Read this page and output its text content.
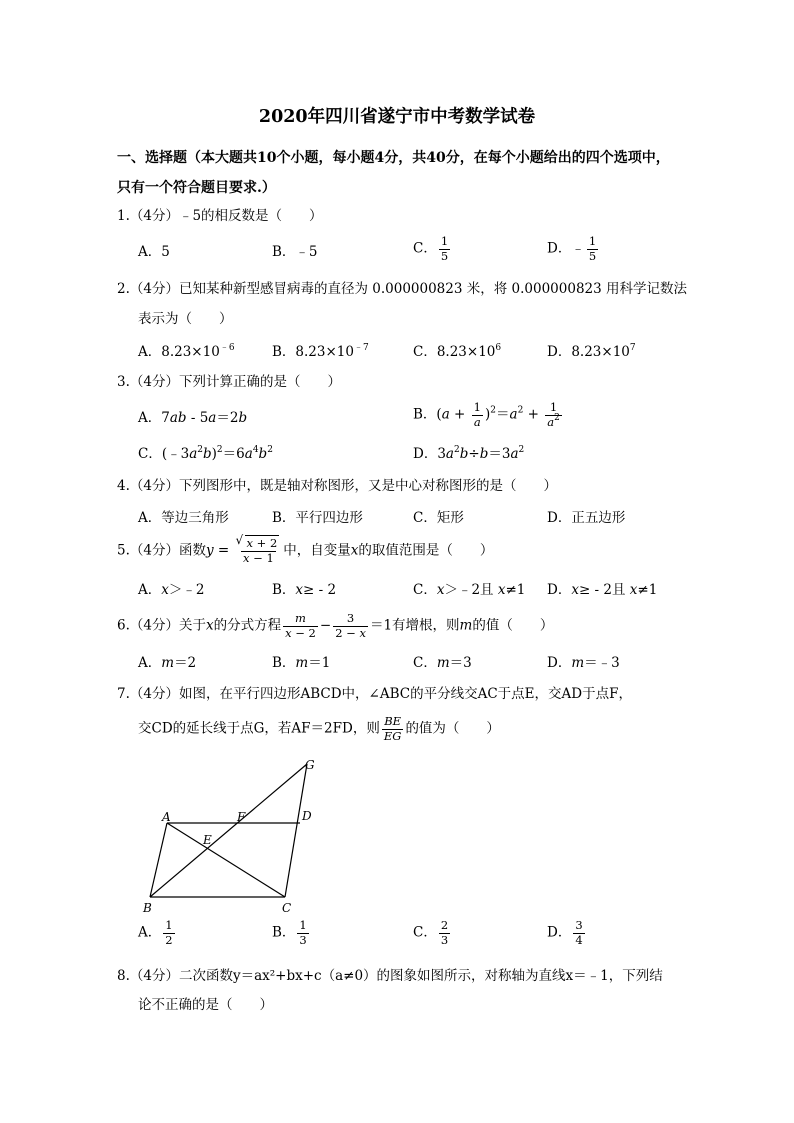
2020年四川省遂宁市中考数学试卷
一、选择题（本大题共10个小题，每小题4分，共40分，在每个小题给出的四个选项中，
只有一个符合题目要求.）
1.（4分）﹣5的相反数是（　　）
A．5	B．﹣5	C． $\frac{1}{5}$	D．﹣ $\frac{1}{5}$
2.（4分）已知某种新型感冒病毒的直径为 0.000000823 米，将 0.000000823 用科学记数法
表示为（　　）
A．$8.23\times 10^{﹣6}$	B．$8.23\times 10^{﹣7}$	C．$8.23\times 10^6$	D．$8.23\times 10^7$
3.（4分）下列计算正确的是（　　）
A．7ab - 5a＝2b	B．$(a + \frac{1}{a} )^2=a^2 + \frac{1}{a^2}$
C．$(﹣3a^2b)^2=6a^4b^2$	D．$3a^2b\div b=3a^2$
4.（4分）下列图形中，既是轴对称图形，又是中心对称图形的是（　　）
A．等边三角形	B．平行四边形	C．矩形	D．正五边形
5.（4分）函数y =
√ $\frac{x + 2}{x - 1}$ 中，自变量x的取值范围是（　　）
A．x＞﹣2	B．x≥ - 2	C．x＞﹣2且 x≠1 D．x≥ - 2且 x≠1
6.（4分）关于x的分式方程 $\frac{m}{x - 2} - \frac{3}{2 - x} =1$有增根，则m的值（　　）
A．m＝2	B．m＝1	C．m＝3	D．m＝﹣3
7.（4分）如图，在平行四边形ABCD中，∠ABC的平分线交AC于点E，交AD于点F，
交CD的延长线于点G，若AF＝2FD，则 $\frac{BE}{EG}$ 的值为（　　）
G
A	F	D
E
B	C
A． $\frac{1}{2}$	B． $\frac{1}{3}$	C． $\frac{2}{3}$	D． $\frac{3}{4}$
8.（4分）二次函数y＝ax²+bx+c（a≠0）的图象如图所示，对称轴为直线x＝﹣1，下列结
论不正确的是（　　）
